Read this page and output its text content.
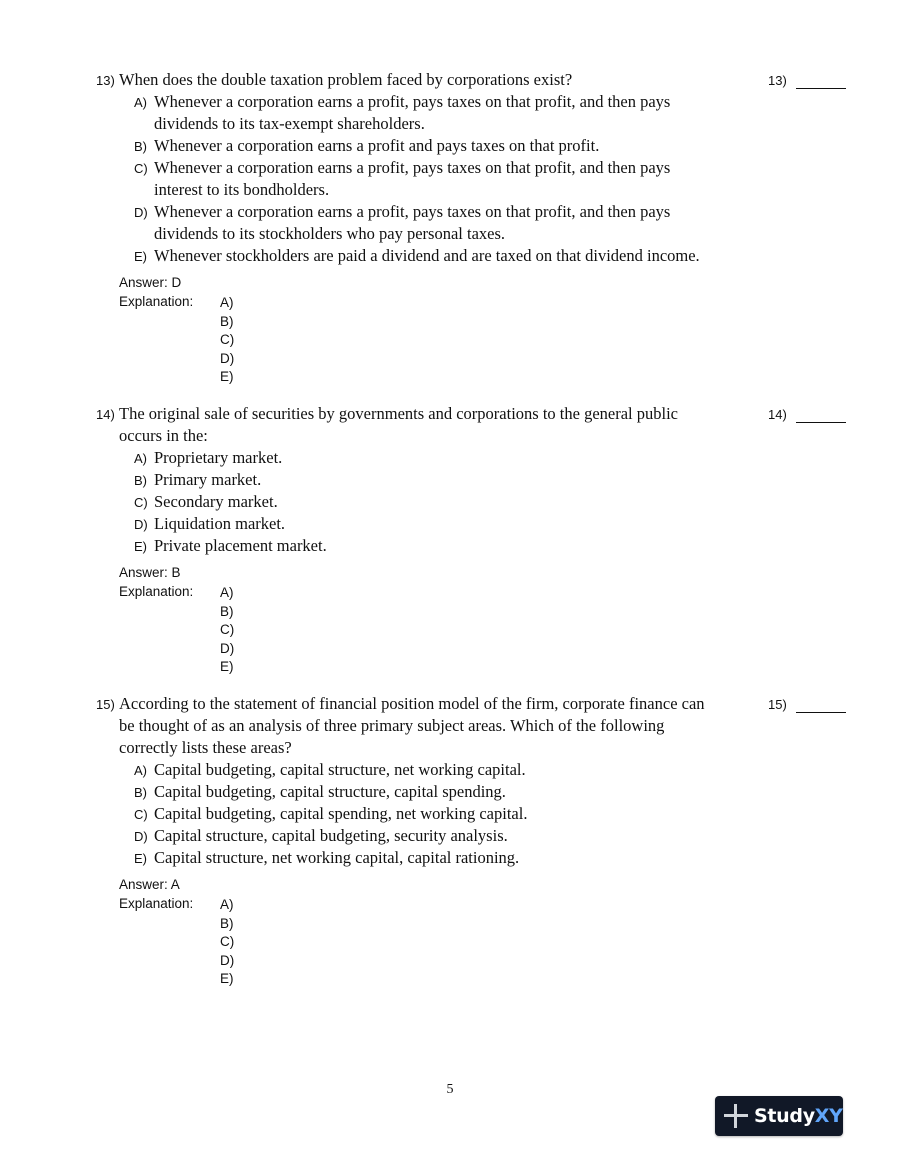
13)	13)
When does the double taxation problem faced by corporations exist?
A) Whenever a corporation earns a profit, pays taxes on that profit, and then pays
dividends to its tax-exempt shareholders.
B) Whenever a corporation earns a profit and pays taxes on that profit.
C) Whenever a corporation earns a profit, pays taxes on that profit, and then pays
interest to its bondholders.
D) Whenever a corporation earns a profit, pays taxes on that profit, and then pays
dividends to its stockholders who pay personal taxes.
E) Whenever stockholders are paid a dividend and are taxed on that dividend income.
Answer: D
Explanation: A)
B)
C)
D)
E)
14)	14)
The original sale of securities by governments and corporations to the general public
occurs in the:
A) Proprietary market.
B) Primary market.
C) Secondary market.
D) Liquidation market.
E) Private placement market.
Answer: B
Explanation: A)
B)
C)
D)
E)
15)	15)
According to the statement of financial position model of the firm, corporate finance can
be thought of as an analysis of three primary subject areas. Which of the following
correctly lists these areas?
A) Capital budgeting, capital structure, net working capital.
B) Capital budgeting, capital structure, capital spending.
C) Capital budgeting, capital spending, net working capital.
D) Capital structure, capital budgeting, security analysis.
E) Capital structure, net working capital, capital rationing.
Answer: A
Explanation: A)
B)
C)
D)
E)
5
StudyXY
